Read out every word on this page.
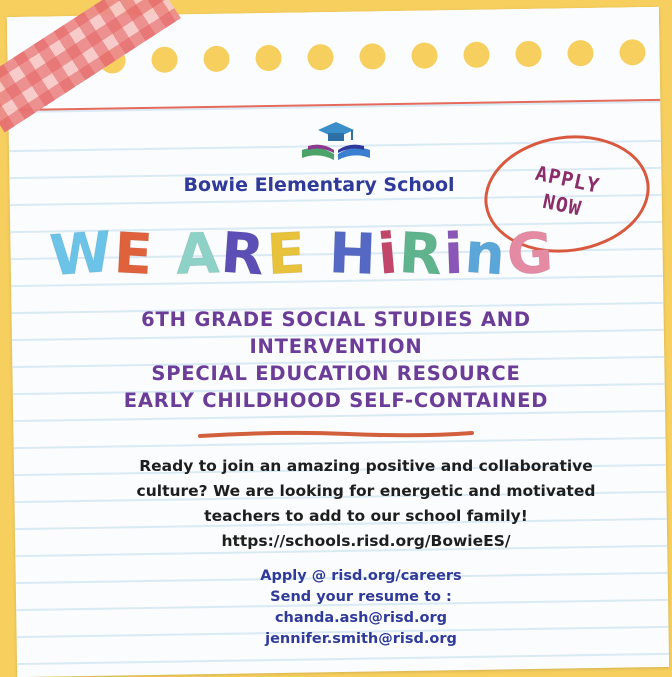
Bowie Elementary School	APPLY
NOW
W
E A
R
E H
i
R i
n
G
6TH GRADE SOCIAL STUDIES AND
INTERVENTION
SPECIAL EDUCATION RESOURCE
EARLY CHILDHOOD SELF-CONTAINED
Ready to join an amazing positive and collaborative
culture? We are looking for energetic and motivated
teachers to add to our school family!
https://schools.risd.org/BowieES/
Apply @ risd.org/careers
Send your resume to :
chanda.ash@risd.org
jennifer.smith@risd.org
